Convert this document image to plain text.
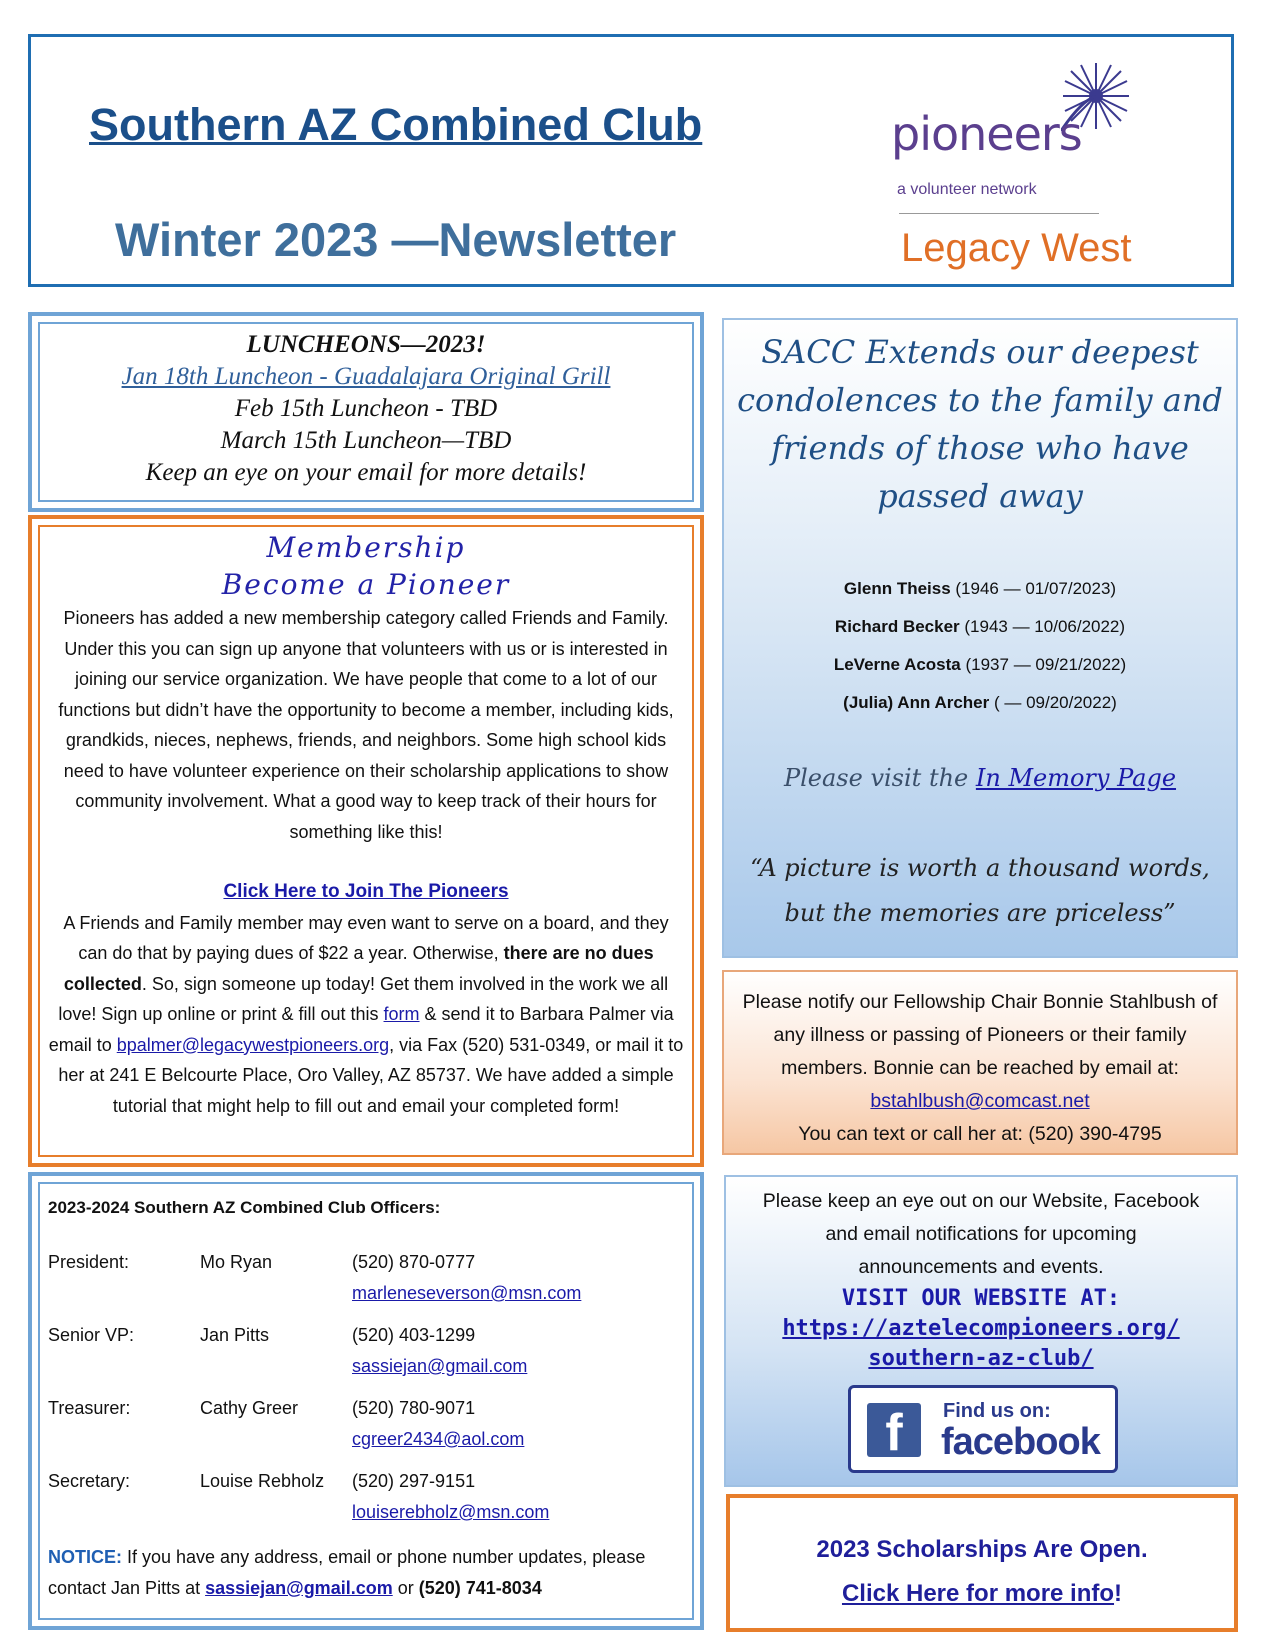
Southern AZ Combined Club
Winter 2023 —Newsletter
pioneers
a volunteer network
Legacy West
LUNCHEONS—2023!
Jan 18th Luncheon - Guadalajara Original Grill
Feb 15th Luncheon - TBD
March 15th Luncheon—TBD
Keep an eye on your email for more details!
Membership
Become a Pioneer
Pioneers has added a new membership category called Friends and Family. Under this you can sign up anyone that volunteers with us or is interested in joining our service organization. We have people that come to a lot of our functions but didn’t have the opportunity to become a member, including kids, grandkids, nieces, nephews, friends, and neighbors. Some high school kids need to have volunteer experience on their scholarship applications to show community involvement. What a good way to keep track of their hours for something like this!
Click Here to Join The Pioneers
A Friends and Family member may even want to serve on a board, and they can do that by paying dues of $22 a year. Otherwise, there are no dues collected. So, sign someone up today! Get them involved in the work we all love! Sign up online or print & fill out this form & send it to Barbara Palmer via email to bpalmer@legacywestpioneers.org, via Fax (520) 531-0349, or mail it to her at 241 E Belcourte Place, Oro Valley, AZ 85737. We have added a simple tutorial that might help to fill out and email your completed form!
2023-2024 Southern AZ Combined Club Officers:
President:	Mo Ryan	(520) 870-0777
marleneseverson@msn.com
Senior VP:	Jan Pitts	(520) 403-1299
sassiejan@gmail.com
Treasurer:	Cathy Greer	(520) 780-9071
cgreer2434@aol.com
Secretary:	Louise Rebholz (520) 297-9151
louiserebholz@msn.com
NOTICE: If you have any address, email or phone number updates, please contact Jan Pitts at sassiejan@gmail.com or (520) 741-8034
SACC Extends our deepest condolences to the family and friends of those who have passed away
Glenn Theiss (1946 — 01/07/2023)
Richard Becker (1943 — 10/06/2022)
LeVerne Acosta (1937 — 09/21/2022)
(Julia) Ann Archer ( — 09/20/2022)
Please visit the In Memory Page
“A picture is worth a thousand words,
but the memories are priceless”
Please notify our Fellowship Chair Bonnie Stahlbush of any illness or passing of Pioneers or their family members. Bonnie can be reached by email at:
bstahlbush@comcast.net
You can text or call her at: (520) 390-4795
Please keep an eye out on our Website, Facebook and email notifications for upcoming announcements and events.
VISIT OUR WEBSITE AT:
https://aztelecompioneers.org/
southern-az-club/
f	Find us on:
facebook
2023 Scholarships Are Open.
Click Here for more info!
